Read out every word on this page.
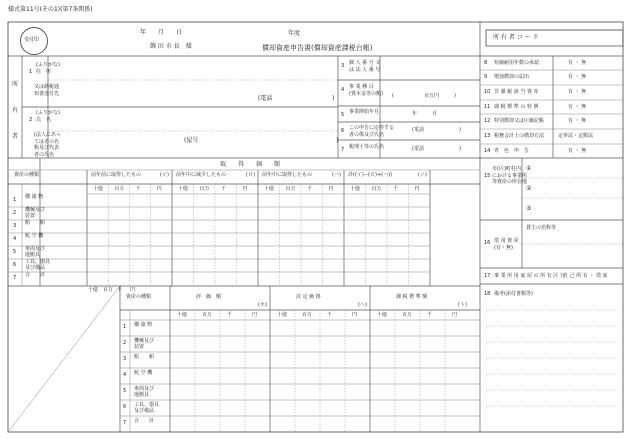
様式第11号(その1)(第7条関係)
受付印
年　　月　　日	年度
飾 田 市 長　様	償却資産申告書(償却資産課税台帳)
所 有 者 コ ー ド
所
有
者
1
(ふりがな)
住　所
又は納税通
知書送付先
(電話	)
2
(ふりがな)
氏　名
(法人にあっ
てはその名
称及び代表
者の氏名
(屋号	)
3 個 人 番 号 又
は 法 人 番 号
4 事 業 種 目
(資本金等の額) (　　　　　　百万円　　　)
5 事業開始年月	年　　　月
6 この申告に応答する
者の係及び氏名
(電話　　　　　　　)
7 税理士等の氏名	(電話　　　　　　　)
8 短縮耐用年数の承認	有 ・ 無
9 増加償却の届出	有 ・ 無
10 非 課 税 該 当 資 産	有 ・ 無
11 課 税 標 準 の 特 例	有 ・ 無
12 特別償却又は圧縮記帳	有 ・ 無
13 税務会計上の償却方法	定率法・定額法
14 青　色　申　告	有 ・ 無
15
市(区)町村内
における事業所
等資産の所在地
①
②
③
16 借 用 資 産
(有・無)
貸主の名称等
17 事 業 所 用 家 屋 の 所 有 区 分
自 己 所 有 ・ 借 家
18 備考(添付書類等)
取　　得　　価　　額
資産の種類	前年前に取得したもの	(イ)
十億 百万 千	円
前年中に減少したもの	(ロ)
十億 百万 千	円
前年中に取得したもの	(ハ)
十億 百万 千	円
計((イ)−(ロ)+(ハ))	(ニ)
十億 百万 千	円
1 構 築 物
2 機械及び
装置
3 船　　舶
4 航 空 機
5 車両及び
運搬具
6 工具、器具
及び備品
7 合　　計
十億 百万 千 円
資産の種類	評　価　額
(ホ)
十億	百万	千	円
決 定 価 格
(ヘ)
十億	百万	千	円
課 税 標 準 額
(ト)
十億	百万	千	円
1 構 築 物
2 機械及び
装置
3 船　　舶
4 航 空 機
5 車両及び
運搬具
6 工具、器具
及び備品
7 合　　計
